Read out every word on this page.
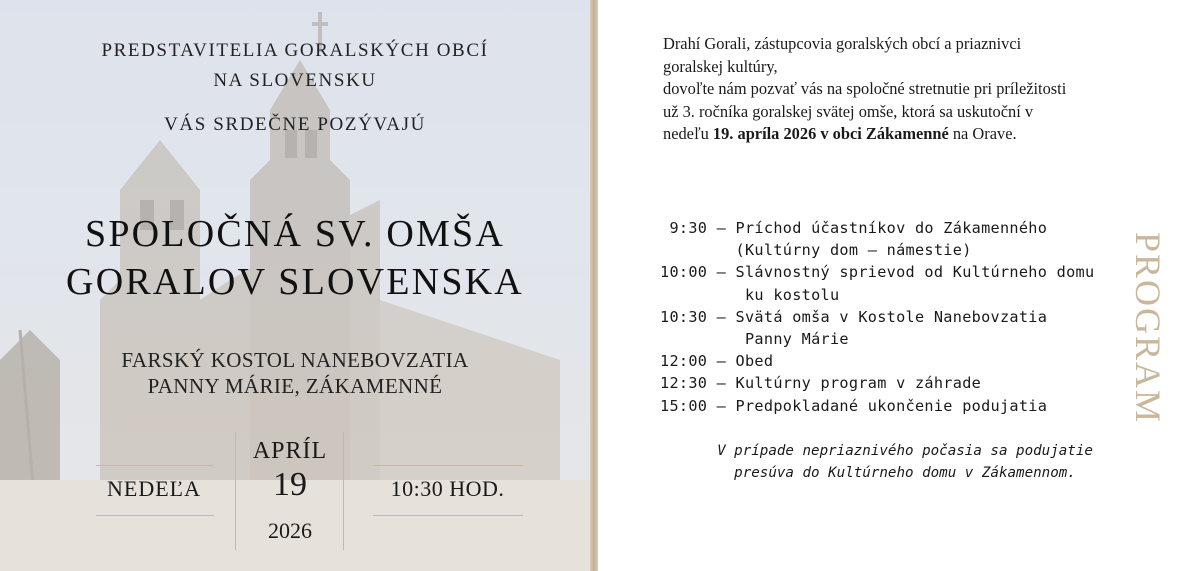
PREDSTAVITELIA GORALSKÝCH OBCÍ
NA SLOVENSKU
VÁS SRDEČNE POZÝVAJÚ
SPOLOČNÁ SV. OMŠA
GORALOV SLOVENSKA
FARSKÝ KOSTOL NANEBOVZATIA
PANNY MÁRIE, ZÁKAMENNÉ
NEDEĽA
APRÍL
19
2026
10:30 HOD.
Drahí Gorali, zástupcovia goralských obcí a priaznivci
goralskej kultúry,
dovoľte nám pozvať vás na spoločné stretnutie pri príležitosti
už 3. ročníka goralskej svätej omše, ktorá sa uskutoční v
nedeľu 19. apríla 2026 v obci Zákamenné na Orave.
9:30 – Príchod účastníkov do Zákamenného
(Kultúrny dom – námestie)
10:00 – Slávnostný sprievod od Kultúrneho domu
ku kostolu
10:30 – Svätá omša v Kostole Nanebovzatia
Panny Márie
12:00 – Obed
12:30 – Kultúrny program v záhrade
15:00 – Predpokladané ukončenie podujatia
V prípade nepriaznivého počasia sa podujatie
presúva do Kultúrneho domu v Zákamennom.
PROGRAM
